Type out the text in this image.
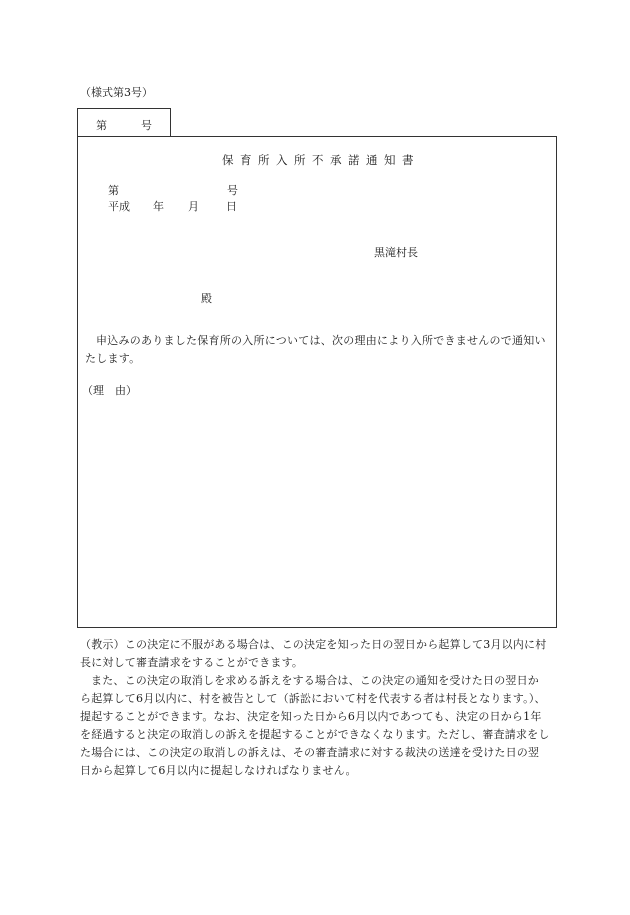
（様式第3号）
第	号
保育所入所不承諾通知書
第	号
平成 年 月 日
黒滝村長
殿
申込みのありました保育所の入所については、次の理由により入所できませんので通知いたします。
（理　由）

（教示）この決定に不服がある場合は、この決定を知った日の翌日から起算して3月以内に村長に対して審査請求をすることができます。

また、この決定の取消しを求める訴えをする場合は、この決定の通知を受けた日の翌日から起算して6月以内に、村を被告として（訴訟において村を代表する者は村長となります。）、提起することができます。なお、決定を知った日から6月以内であつても、決定の日から1年を経過すると決定の取消しの訴えを提起することができなくなります。ただし、審査請求をした場合には、この決定の取消しの訴えは、その審査請求に対する裁決の送達を受けた日の翌日から起算して6月以内に提起しなければなりません。
